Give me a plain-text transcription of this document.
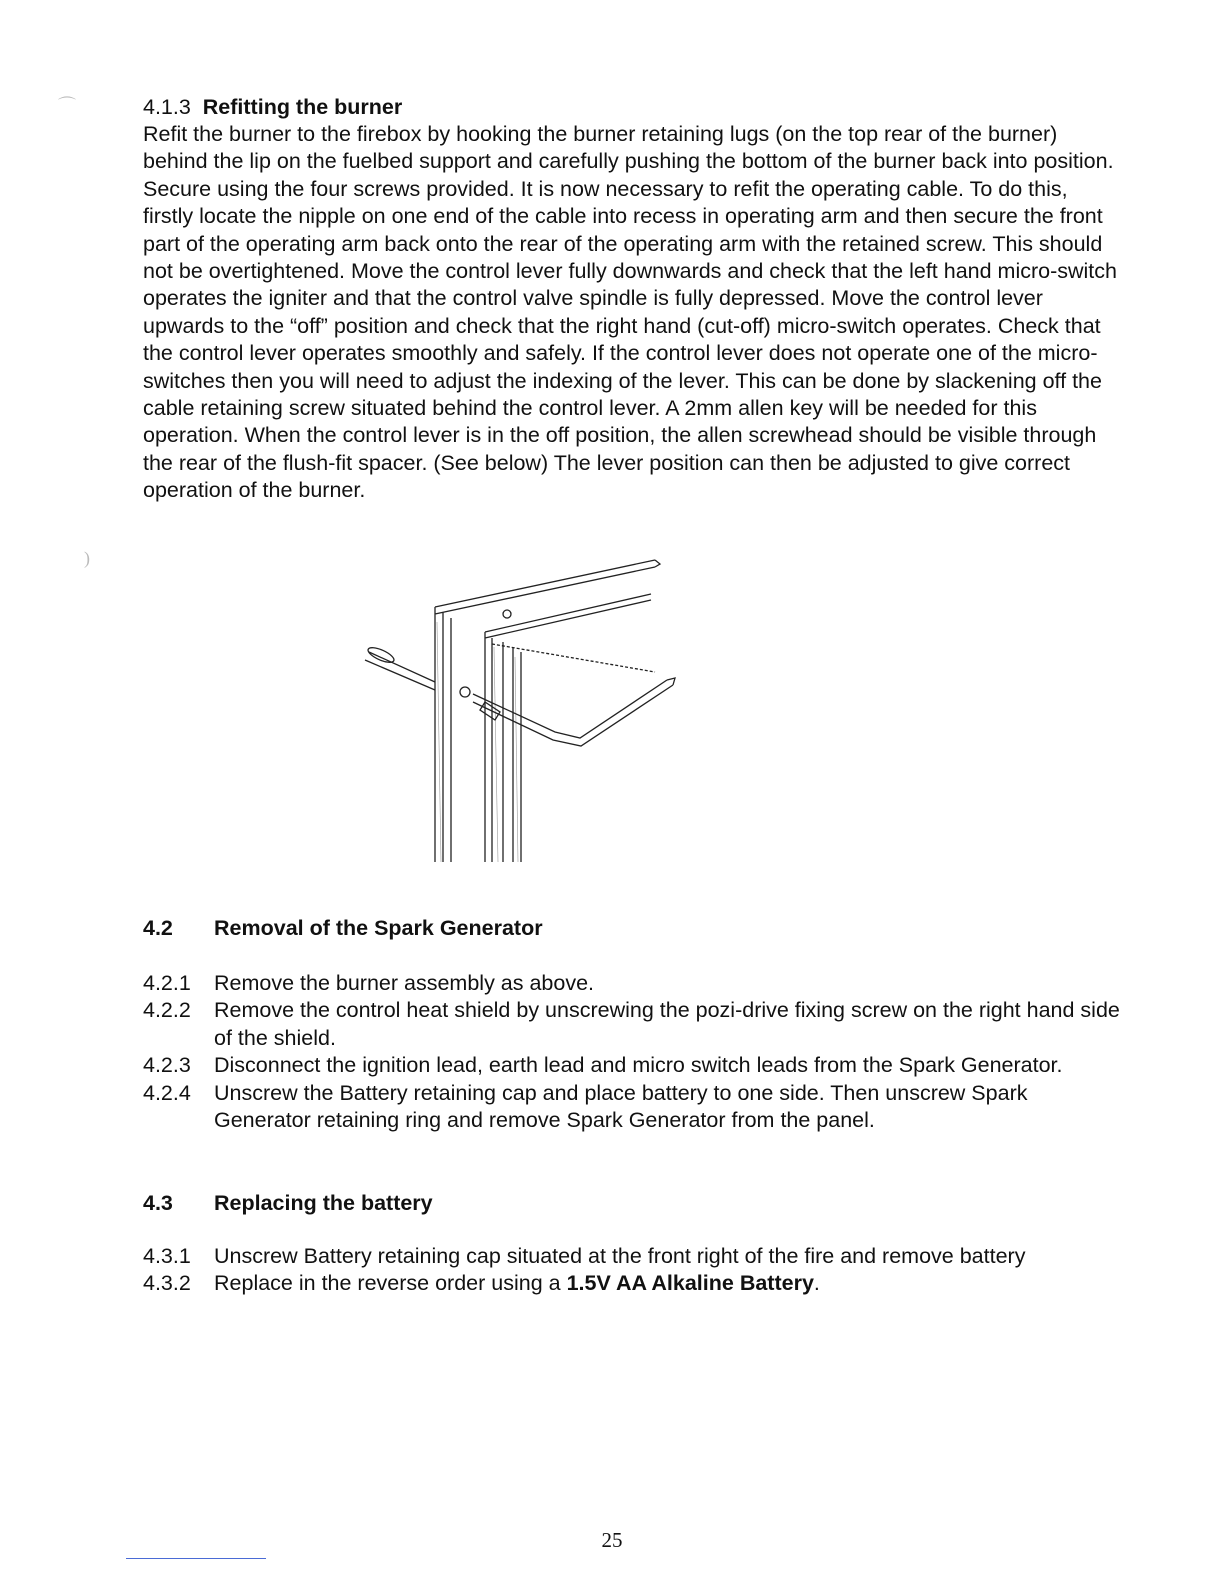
⌒
)
4.1.3 Refitting the burner
Refit the burner to the firebox by hooking the burner retaining lugs (on the top rear of the burner) behind the lip on the fuelbed support and carefully pushing the bottom of the burner back into position. Secure using the four screws provided. It is now necessary to refit the operating cable. To do this, firstly locate the nipple on one end of the cable into recess in operating arm and then secure the front part of the operating arm back onto the rear of the operating arm with the retained screw. This should not be overtightened. Move the control lever fully downwards and check that the left hand micro-switch operates the igniter and that the control valve spindle is fully depressed. Move the control lever upwards to the “off” position and check that the right hand (cut-off) micro-switch operates. Check that the control lever operates smoothly and safely. If the control lever does not operate one of the micro-switches then you will need to adjust the indexing of the lever. This can be done by slackening off the cable retaining screw situated behind the control lever. A 2mm allen key will be needed for this operation. When the control lever is in the off position, the allen screwhead should be visible through the rear of the flush-fit spacer. (See below) The lever position can then be adjusted to give correct operation of the burner.
4.2 Removal of the Spark Generator
4.2.1	Remove the burner assembly as above.
4.2.2	Remove the control heat shield by unscrewing the pozi-drive fixing screw on the right hand side of the shield.
4.2.3	Disconnect the ignition lead, earth lead and micro switch leads from the Spark Generator.
4.2.4	Unscrew the Battery retaining cap and place battery to one side. Then unscrew Spark Generator retaining ring and remove Spark Generator from the panel.
4.3 Replacing the battery
4.3.1	Unscrew Battery retaining cap situated at the front right of the fire and remove battery
4.3.2	Replace in the reverse order using a 1.5V AA Alkaline Battery.
25
